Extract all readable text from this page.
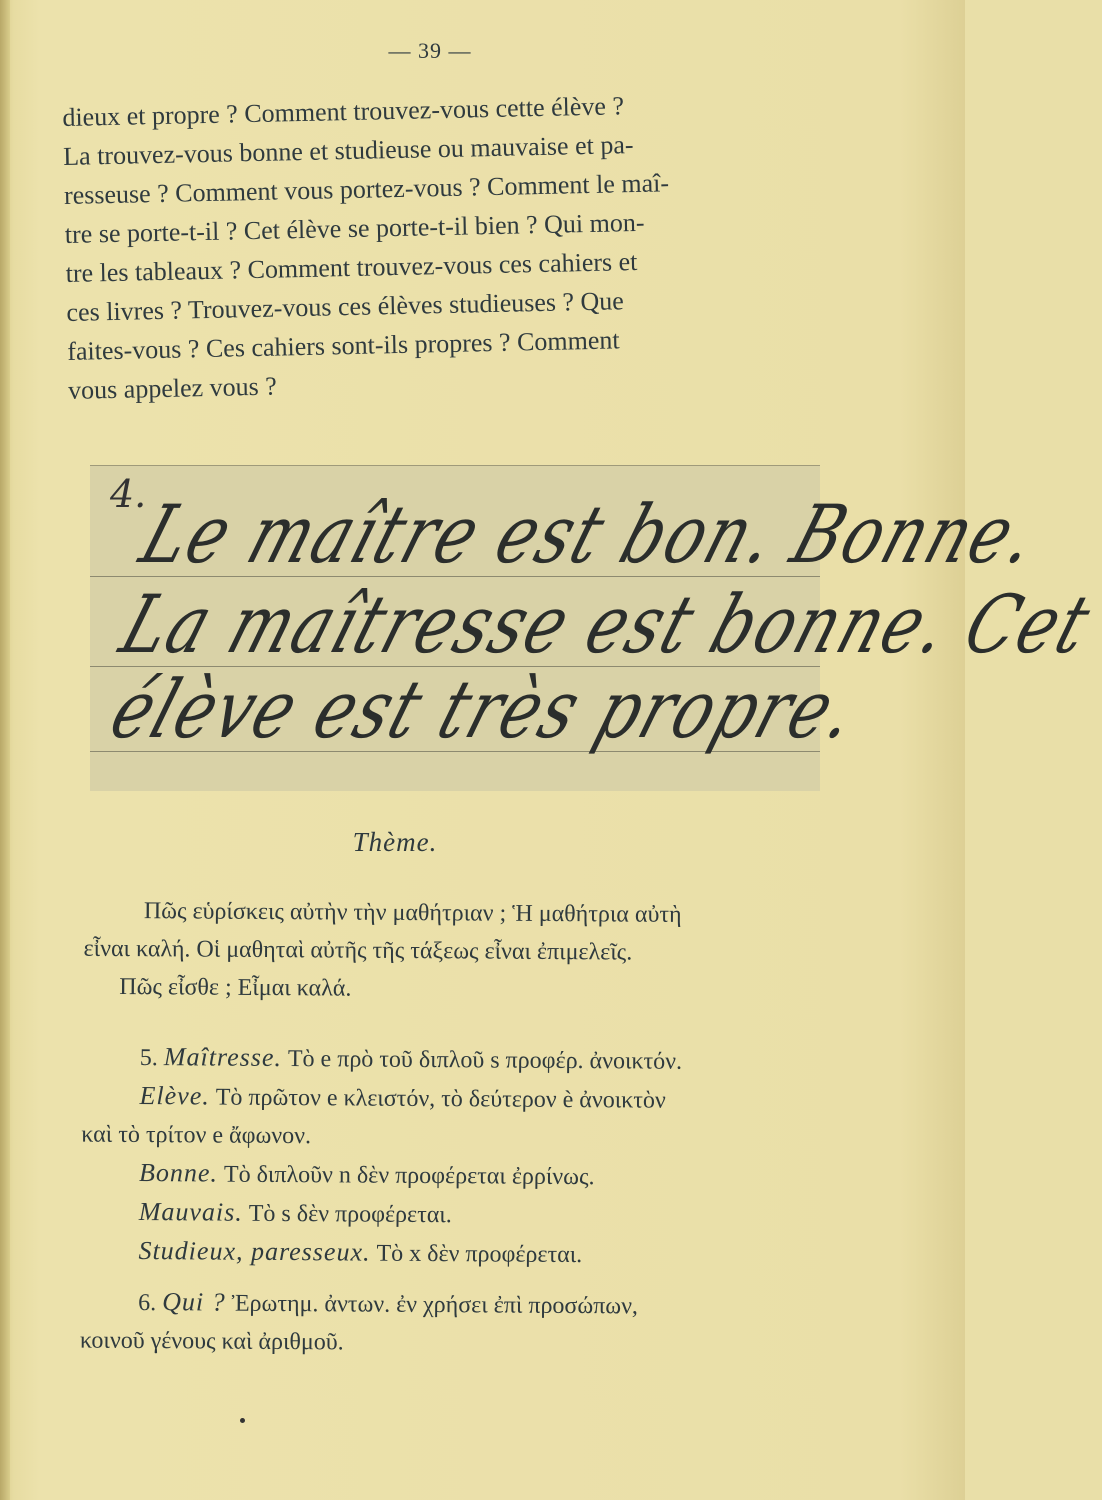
— 39 —
dieux et propre ? Comment trouvez-vous cette élève ?
La trouvez-vous bonne et studieuse ou mauvaise et pa-
resseuse ? Comment vous portez-vous ? Comment le maî-
tre se porte-t-il ? Cet élève se porte-t-il bien ? Qui mon-
tre les tableaux ? Comment trouvez-vous ces cahiers et
ces livres ? Trouvez-vous ces élèves studieuses ? Que
faites-vous ? Ces cahiers sont-ils propres ? Comment
vous appelez vous ?
4.
Le maître est bon. Bonne.
La maîtresse est bonne. Cet
élève est très propre.
Thème.
Πῶς εὑρίσκεις αὐτὴν τὴν μαθήτριαν ; Ἡ μαθήτρια αὐτὴ
εἶναι καλή. Οἱ μαθηταὶ αὐτῆς τῆς τάξεως εἶναι ἐπιμελεῖς.
Πῶς εἶσθε ; Εἶμαι καλά.
5. Maîtresse. Τὸ e πρὸ τοῦ διπλοῦ s προφέρ. ἀνοικτόν.
Elève. Τὸ πρῶτον e κλειστόν, τὸ δεύτερον è ἀνοικτὸν
καὶ τὸ τρίτον e ἄφωνον.
Bonne. Τὸ διπλοῦν n δὲν προφέρεται ἐρρίνως.
Mauvais. Τὸ s δὲν προφέρεται.
Studieux, paresseux. Τὸ x δὲν προφέρεται.
6. Qui ? Ἐρωτημ. ἀντων. ἐν χρήσει ἐπὶ προσώπων,
κοινοῦ γένους καὶ ἀριθμοῦ.
